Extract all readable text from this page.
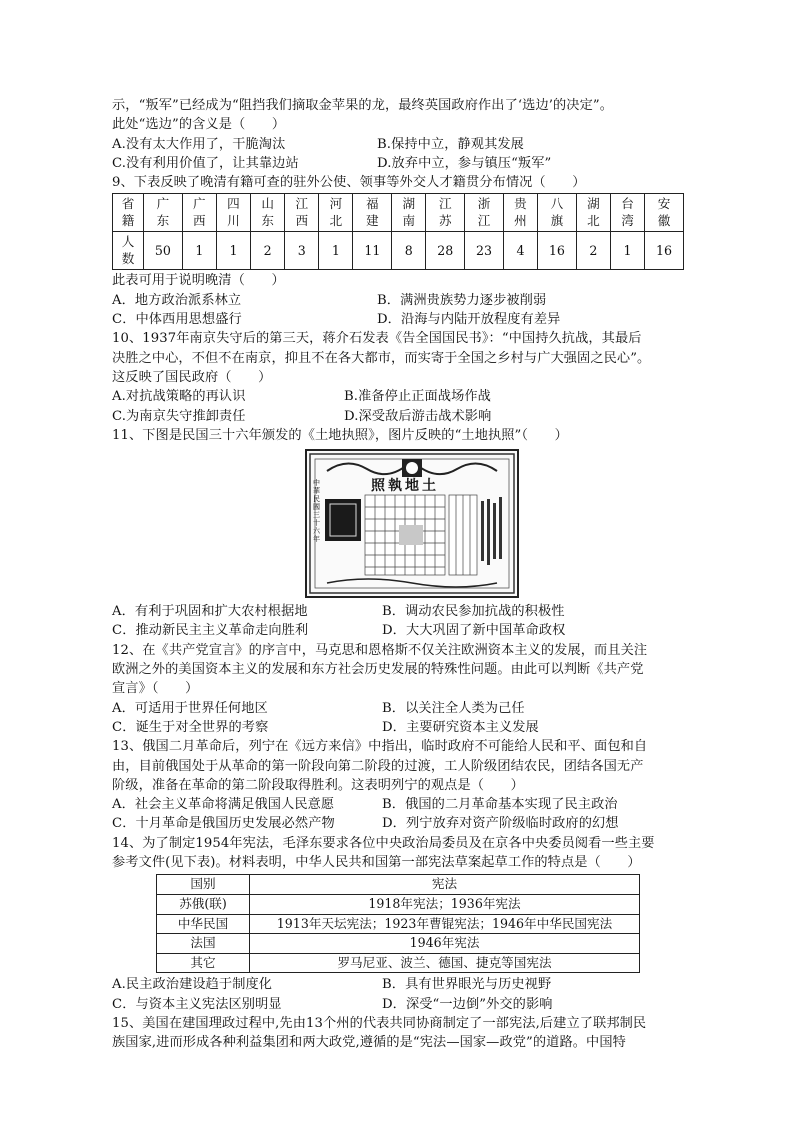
示，“叛军”已经成为“阻挡我们摘取金苹果的龙，最终英国政府作出了‘选边’的决定”。
此处“选边”的含义是（　　）
A.没有太大作用了，干脆淘汰	B.保持中立，静观其发展
C.没有利用价值了，让其靠边站	D.放弃中立，参与镇压“叛军”
9、下表反映了晚清有籍可查的驻外公使、领事等外交人才籍贯分布情况（　　）
省籍	广东	广西	四川	山东	江西	河北	福建	湖南	江苏	浙江	贵州	八旗	湖北	台湾	安徽
人数	50	1	1	2	3	1	11	8	28	23	4	16	2	1	16
此表可用于说明晚清（　　）
A．地方政治派系林立	B．满洲贵族势力逐步被削弱
C．中体西用思想盛行	D．沿海与内陆开放程度有差异
10、1937年南京失守后的第三天，蒋介石发表《告全国国民书》：“中国持久抗战，其最后
决胜之中心，不但不在南京，抑且不在各大都市，而实寄于全国之乡村与广大强固之民心”。
这反映了国民政府（　　）
A.对抗战策略的再认识	B.准备停止正面战场作战
C.为南京失守推卸责任	D.深受敌后游击战术影响
11、下图是民国三十六年颁发的《土地执照》，图片反映的“土地执照”（　　）
照執地土
中華民國三十六年
A．有利于巩固和扩大农村根据地	B．调动农民参加抗战的积极性
C．推动新民主主义革命走向胜利	D．大大巩固了新中国革命政权
12、在《共产党宣言》的序言中，马克思和恩格斯不仅关注欧洲资本主义的发展，而且关注
欧洲之外的美国资本主义的发展和东方社会历史发展的特殊性问题。由此可以判断《共产党
宣言》（　　）
A．可适用于世界任何地区	B．以关注全人类为己任
C．诞生于对全世界的考察	D．主要研究资本主义发展
13、俄国二月革命后，列宁在《远方来信》中指出，临时政府不可能给人民和平、面包和自
由，目前俄国处于从革命的第一阶段向第二阶段的过渡，工人阶级团结农民，团结各国无产
阶级，准备在革命的第二阶段取得胜利。这表明列宁的观点是（　　）
A．社会主义革命将满足俄国人民意愿	B．俄国的二月革命基本实现了民主政治
C．十月革命是俄国历史发展必然产物	D．列宁放弃对资产阶级临时政府的幻想
14、为了制定1954年宪法，毛泽东要求各位中央政治局委员及在京各中央委员阅看一些主要
参考文件(见下表)。材料表明，中华人民共和国第一部宪法草案起草工作的特点是（　　）
国别	宪法
苏俄(联)	1918年宪法；1936年宪法
中华民国	1913年天坛宪法；1923年曹锟宪法；1946年中华民国宪法
法国	1946年宪法
其它	罗马尼亚、波兰、德国、捷克等国宪法
A.民主政治建设趋于制度化	B．具有世界眼光与历史视野
C．与资本主义宪法区别明显	D．深受“一边倒”外交的影响
15、美国在建国理政过程中,先由13个州的代表共同协商制定了一部宪法,后建立了联邦制民
族国家,进而形成各种利益集团和两大政党,遵循的是“宪法—国家—政党”的道路。中国特
